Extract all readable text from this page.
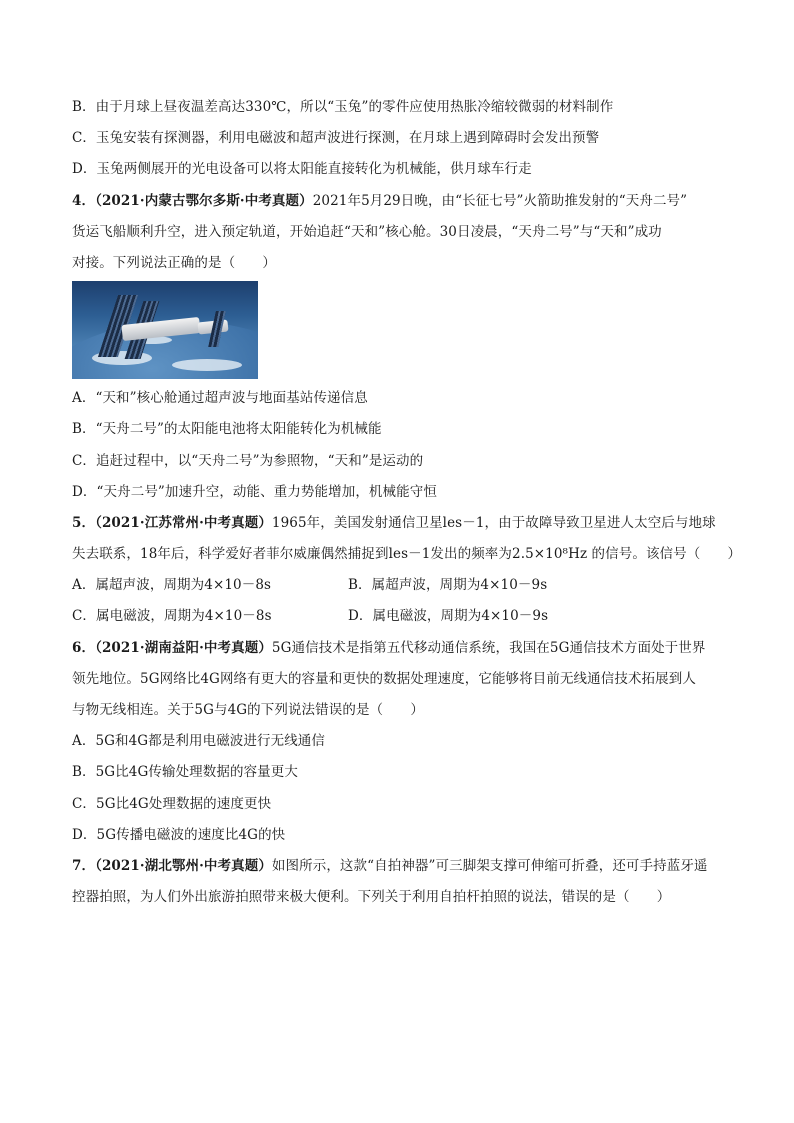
B．由于月球上昼夜温差高达330℃，所以“玉兔”的零件应使用热胀冷缩较微弱的材料制作
C．玉兔安装有探测器，利用电磁波和超声波进行探测，在月球上遇到障碍时会发出预警
D．玉兔两侧展开的光电设备可以将太阳能直接转化为机械能，供月球车行走
4．（2021·内蒙古鄂尔多斯·中考真题）2021年5月29日晚，由“长征七号”火箭助推发射的“天舟二号”
货运飞船顺利升空，进入预定轨道，开始追赶“天和”核心舱。30日凌晨，“天舟二号”与“天和”成功
对接。下列说法正确的是（　　）
A．“天和”核心舱通过超声波与地面基站传递信息
B．“天舟二号”的太阳能电池将太阳能转化为机械能
C．追赶过程中，以“天舟二号”为参照物，“天和”是运动的
D．“天舟二号”加速升空，动能、重力势能增加，机械能守恒
5．（2021·江苏常州·中考真题）1965年，美国发射通信卫星les－1，由于故障导致卫星进人太空后与地球
失去联系，18年后，科学爱好者菲尔威廉偶然捕捉到les－1发出的频率为2.5×10⁸Hz 的信号。该信号（　　）
A．属超声波，周期为4×10－8s	B．属超声波，周期为4×10－9s
C．属电磁波，周期为4×10－8s	D．属电磁波，周期为4×10－9s
6．（2021·湖南益阳·中考真题）5G通信技术是指第五代移动通信系统，我国在5G通信技术方面处于世界
领先地位。5G网络比4G网络有更大的容量和更快的数据处理速度，它能够将目前无线通信技术拓展到人
与物无线相连。关于5G与4G的下列说法错误的是（　　）
A．5G和4G都是利用电磁波进行无线通信
B．5G比4G传输处理数据的容量更大
C．5G比4G处理数据的速度更快
D．5G传播电磁波的速度比4G的快
7．（2021·湖北鄂州·中考真题）如图所示，这款“自拍神器”可三脚架支撑可伸缩可折叠，还可手持蓝牙遥
控器拍照，为人们外出旅游拍照带来极大便利。下列关于利用自拍杆拍照的说法，错误的是（　　）
